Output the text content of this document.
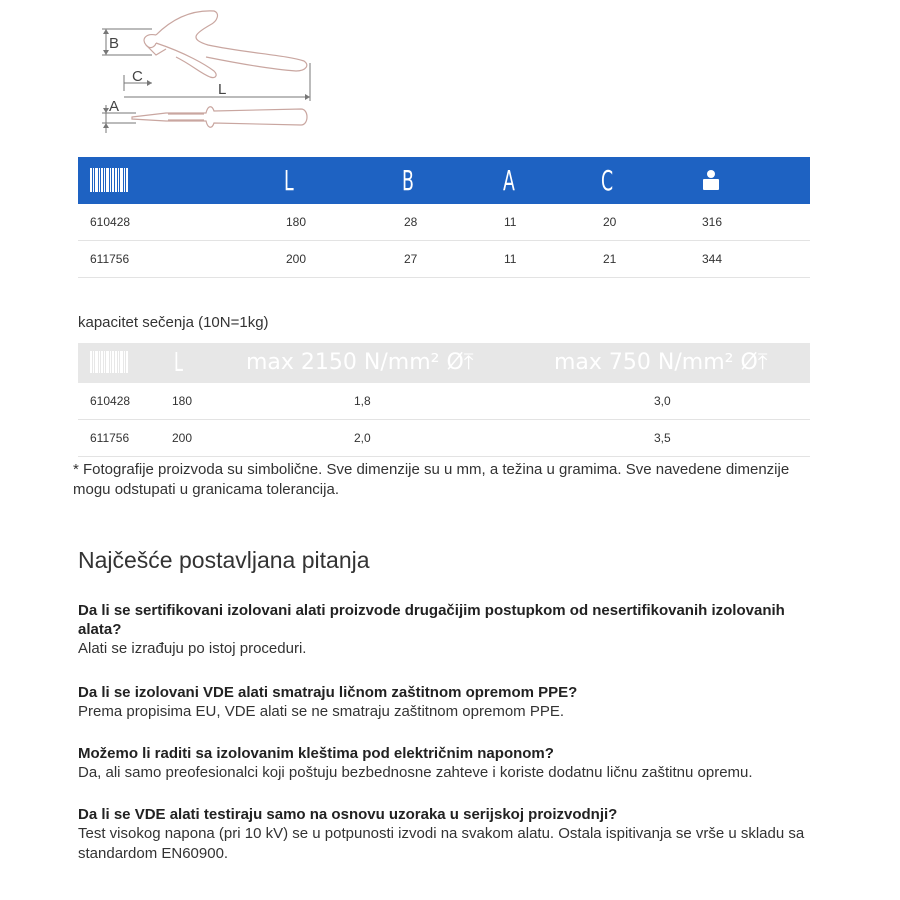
B
C
L
A
L	B	A	C
610428	180	28	11	20	316
611756	200	27	11	21	344
kapacitet sečenja (10N=1kg)
L	max 2150 N/mm² Ø⤒	max 750 N/mm² Ø⤒
610428	180	1,8	3,0
611756	200	2,0	3,5
* Fotografije proizvoda su simbolične. Sve dimenzije su u mm, a težina u gramima. Sve navedene dimenzije mogu odstupati u granicama tolerancija.
Najčešće postavljana pitanja
Da li se sertifikovani izolovani alati proizvode drugačijim postupkom od nesertifikovanih izolovanih alata?
Alati se izrađuju po istoj proceduri.
Da li se izolovani VDE alati smatraju ličnom zaštitnom opremom PPE?
Prema propisima EU, VDE alati se ne smatraju zaštitnom opremom PPE.
Možemo li raditi sa izolovanim kleštima pod električnim naponom?
Da, ali samo preofesionalci koji poštuju bezbednosne zahteve i koriste dodatnu ličnu zaštitnu opremu.
Da li se VDE alati testiraju samo na osnovu uzoraka u serijskoj proizvodnji?
Test visokog napona (pri 10 kV) se u potpunosti izvodi na svakom alatu. Ostala ispitivanja se vrše u skladu sa standardom EN60900.
